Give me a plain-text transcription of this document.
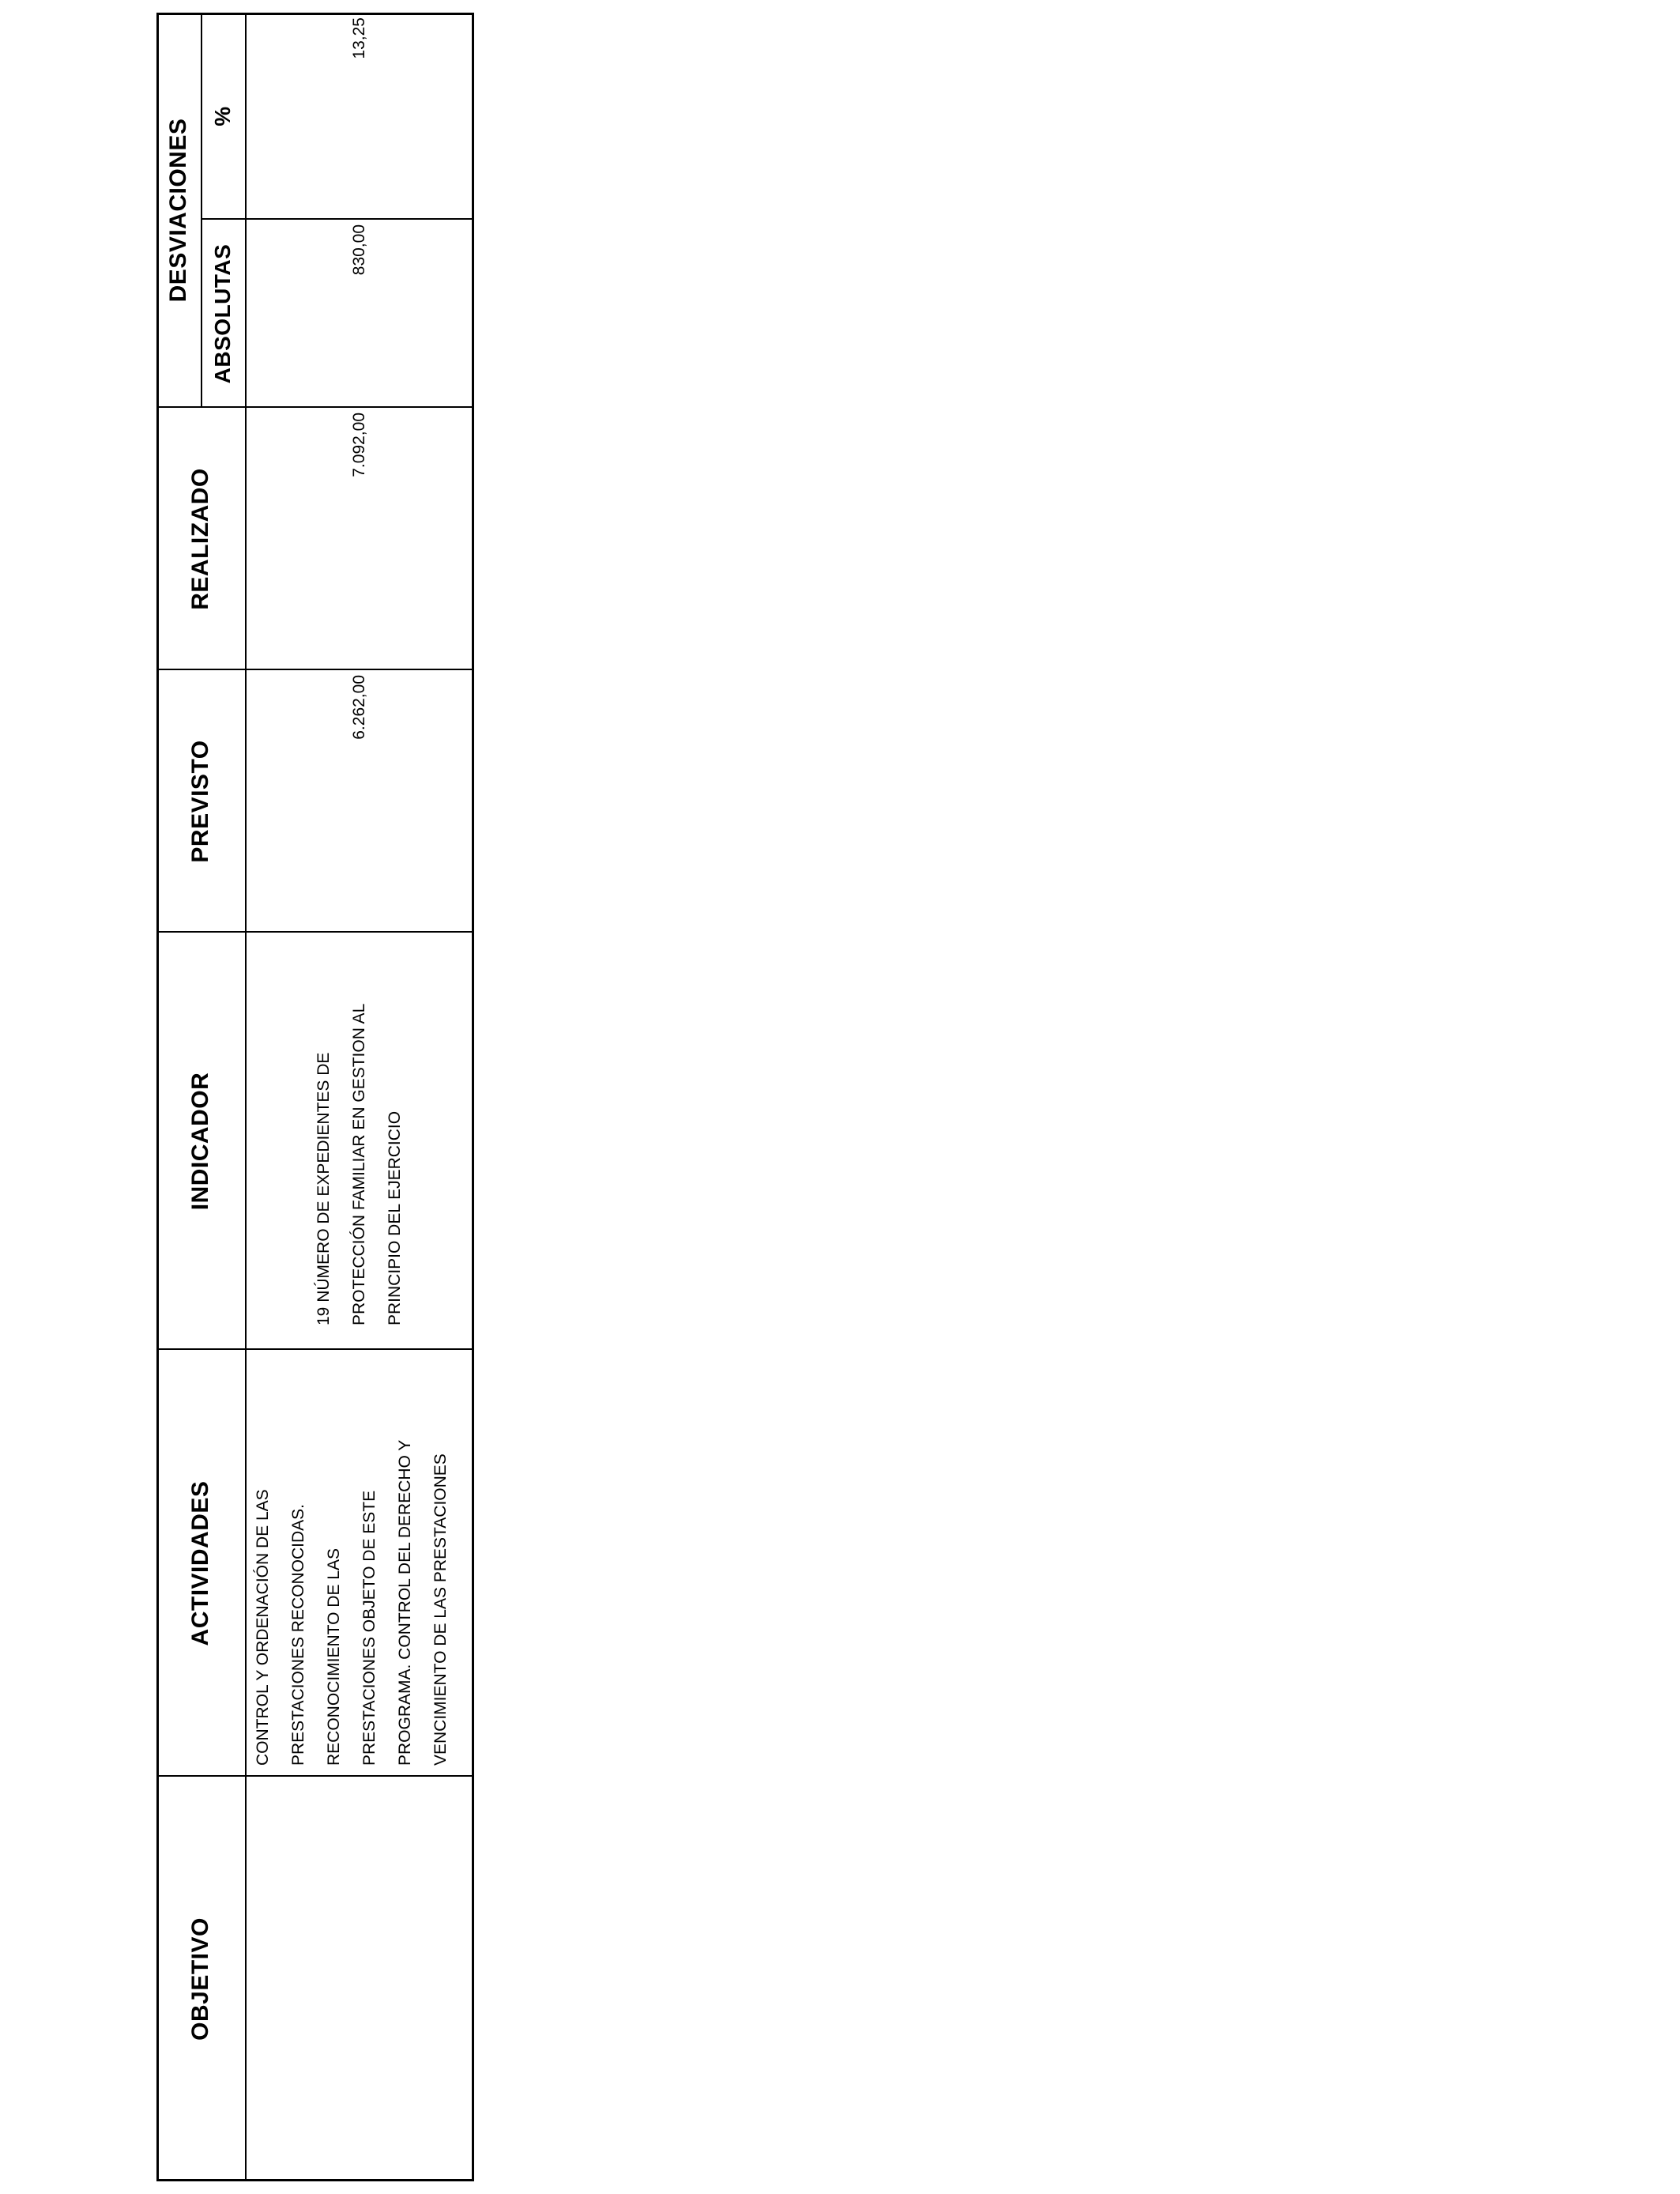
OBJETIVO
ACTIVIDADES
INDICADOR
PREVISTO
REALIZADO
DESVIACIONES
ABSOLUTAS
%
CONTROL Y ORDENACIÓN DE LAS
PRESTACIONES RECONOCIDAS.
RECONOCIMIENTO DE LAS
PRESTACIONES OBJETO DE ESTE
PROGRAMA. CONTROL DEL DERECHO Y
VENCIMIENTO DE LAS PRESTACIONES
19 NÚMERO DE EXPEDIENTES DE
PROTECCIÓN FAMILIAR EN GESTION AL
PRINCIPIO DEL EJERCICIO
6.262,00
7.092,00
830,00
13,25
